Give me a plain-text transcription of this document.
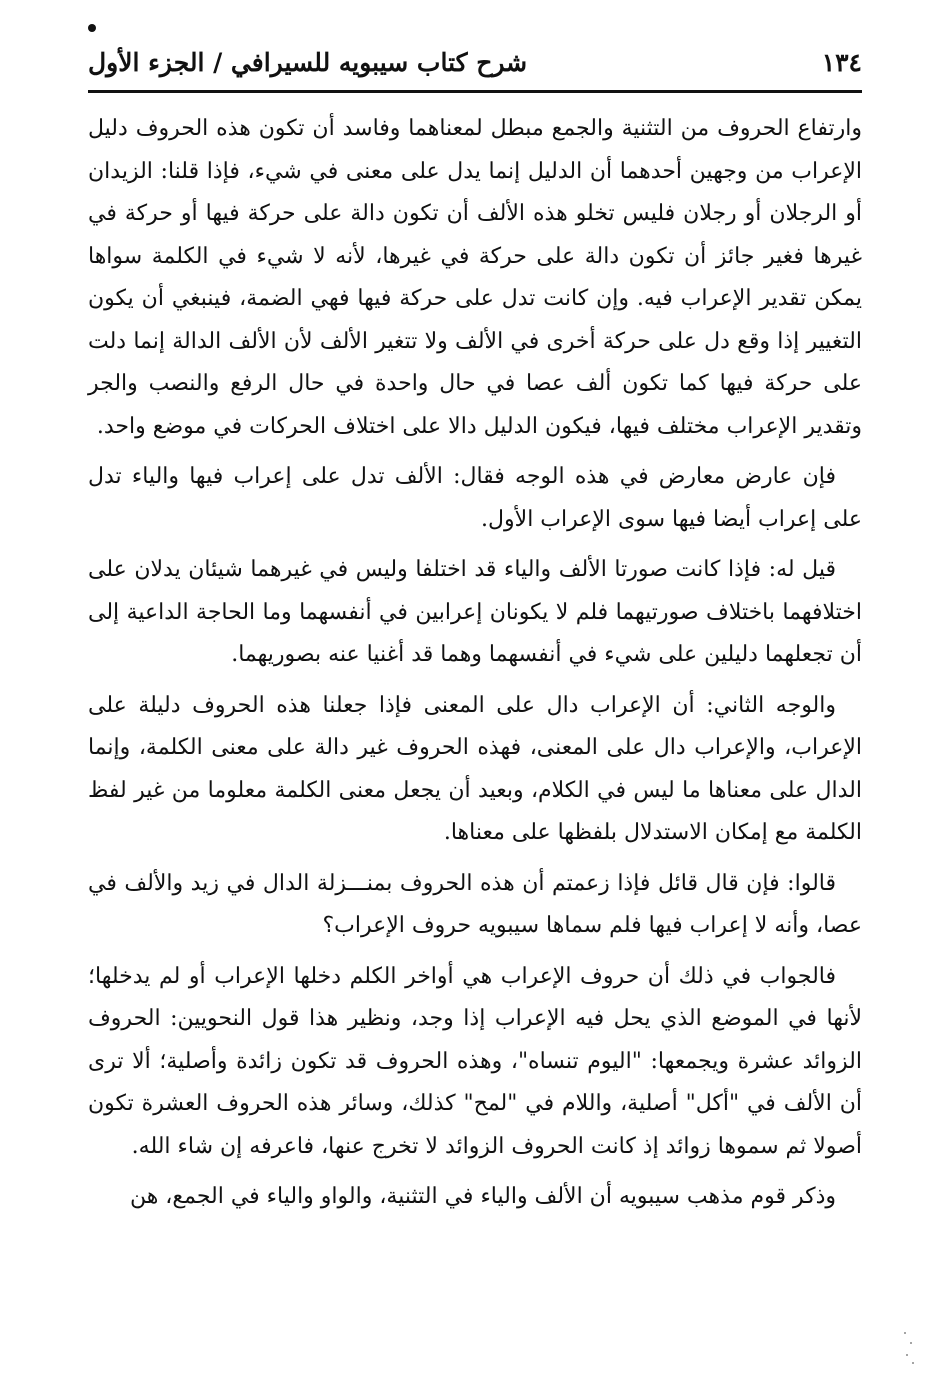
١٣٤
شرح كتاب سيبويه للسيرافي / الجزء الأول

وارتفاع الحروف من التثنية والجمع مبطل لمعناهما وفاسد أن تكون هذه الحروف دليل الإعراب من وجهين أحدهما أن الدليل إنما يدل على معنى في شيء، فإذا قلنا: الزيدان أو الرجلان أو رجلان فليس تخلو هذه الألف أن تكون دالة على حركة فيها أو حركة في غيرها فغير جائز أن تكون دالة على حركة في غيرها، لأنه لا شيء في الكلمة سواها يمكن تقدير الإعراب فيه. وإن كانت تدل على حركة فيها فهي الضمة، فينبغي أن يكون التغيير إذا وقع دل على حركة أخرى في الألف ولا تتغير الألف لأن الألف الدالة إنما دلت على حركة فيها كما تكون ألف عصا في حال واحدة في حال الرفع والنصب والجر وتقدير الإعراب مختلف فيها، فيكون الدليل دالا على اختلاف الحركات في موضع واحد.

فإن عارض معارض في هذه الوجه فقال: الألف تدل على إعراب فيها والياء تدل على إعراب أيضا فيها سوى الإعراب الأول.

قيل له: فإذا كانت صورتا الألف والياء قد اختلفا وليس في غيرهما شيئان يدلان على اختلافهما باختلاف صورتيهما فلم لا يكونان إعرابين في أنفسهما وما الحاجة الداعية إلى أن تجعلهما دليلين على شيء في أنفسهما وهما قد أغنيا عنه بصوريهما.

والوجه الثاني: أن الإعراب دال على المعنى فإذا جعلنا هذه الحروف دليلة على الإعراب، والإعراب دال على المعنى، فهذه الحروف غير دالة على معنى الكلمة، وإنما الدال على معناها ما ليس في الكلام، وبعيد أن يجعل معنى الكلمة معلوما من غير لفظ الكلمة مع إمكان الاستدلال بلفظها على معناها.

قالوا: فإن قال قائل فإذا زعمتم أن هذه الحروف بمنـــزلة الدال في زيد والألف في عصا، وأنه لا إعراب فيها فلم سماها سيبويه حروف الإعراب؟

فالجواب في ذلك أن حروف الإعراب هي أواخر الكلم دخلها الإعراب أو لم يدخلها؛ لأنها في الموضع الذي يحل فيه الإعراب إذا وجد، ونظير هذا قول النحويين: الحروف الزوائد عشرة ويجمعها: "اليوم تنساه"، وهذه الحروف قد تكون زائدة وأصلية؛ ألا ترى أن الألف في "أكل" أصلية، واللام في "لمح" كذلك، وسائر هذه الحروف العشرة تكون أصولا ثم سموها زوائد إذ كانت الحروف الزوائد لا تخرج عنها، فاعرفه إن شاء الله.

وذكر قوم مذهب سيبويه أن الألف والياء في التثنية، والواو والياء في الجمع، هن
